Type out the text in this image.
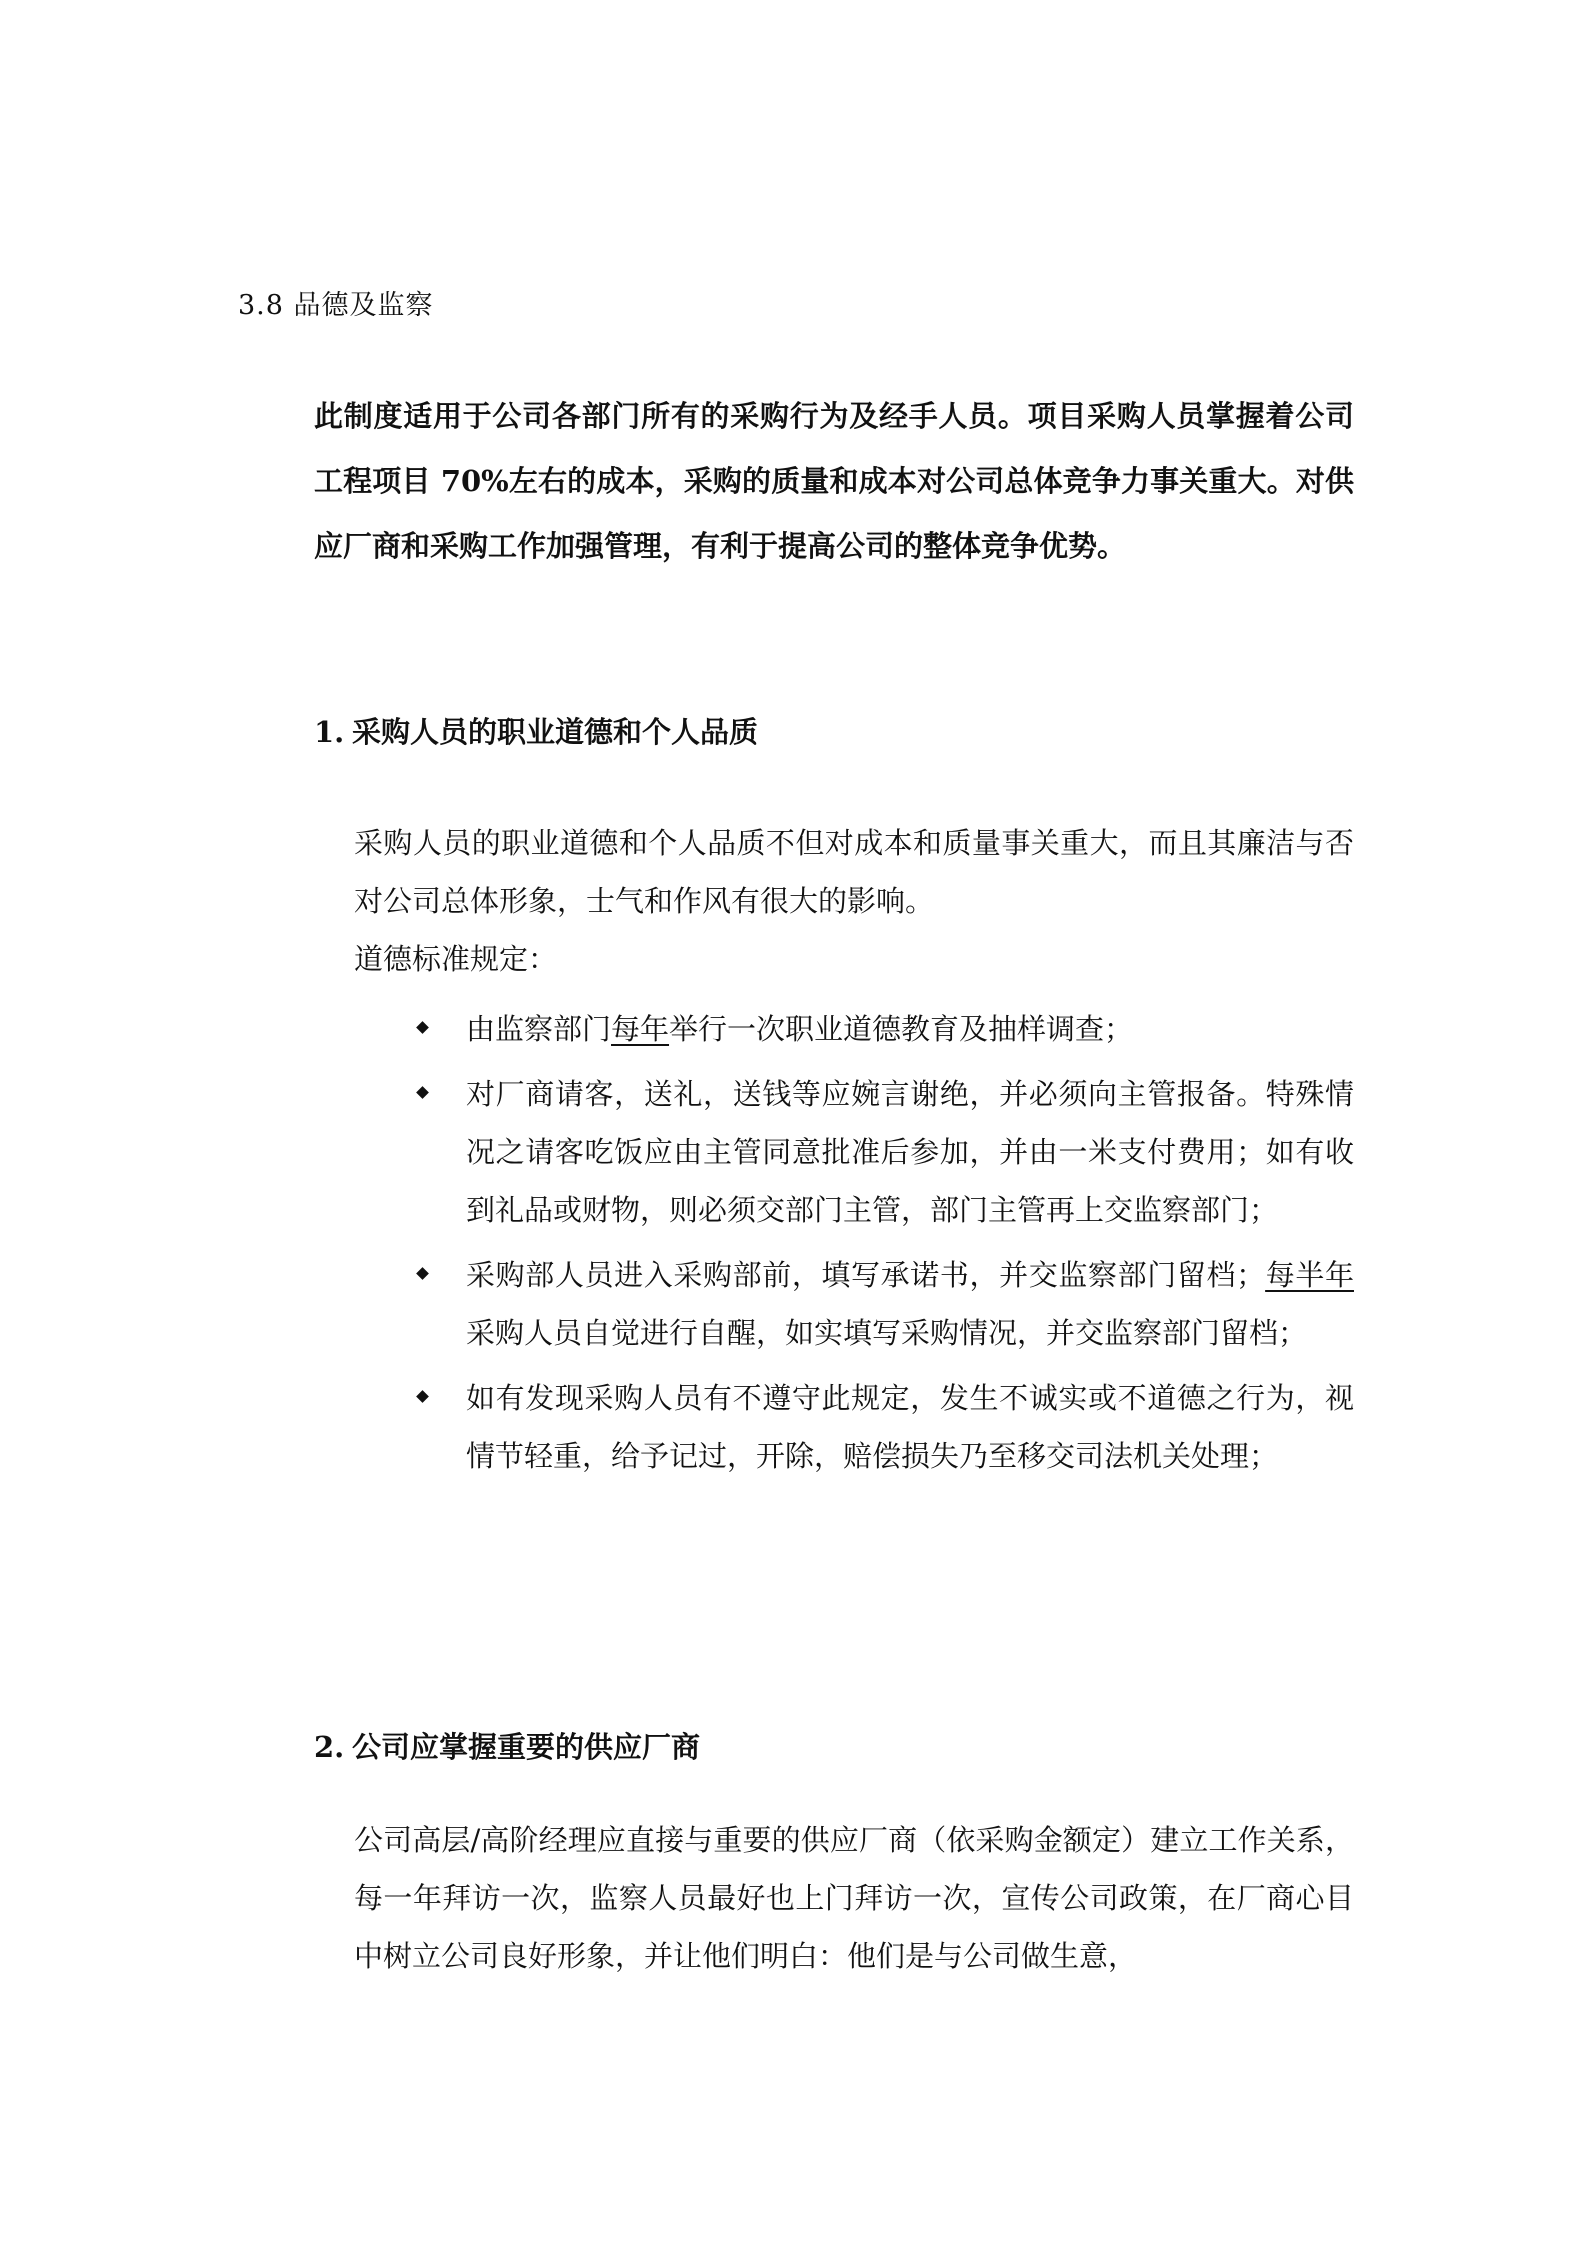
3.8 品德及监察
此制度适用于公司各部门所有的采购行为及经手人员。项目采购人员掌握着公司工程项目 70%左右的成本，采购的质量和成本对公司总体竞争力事关重大。对供应厂商和采购工作加强管理，有利于提高公司的整体竞争优势。
1. 采购人员的职业道德和个人品质
采购人员的职业道德和个人品质不但对成本和质量事关重大，而且其廉洁与否对公司总体形象，士气和作风有很大的影响。
道德标准规定：
由监察部门每年举行一次职业道德教育及抽样调查；
对厂商请客，送礼，送钱等应婉言谢绝，并必须向主管报备。特殊情况之请客吃饭应由主管同意批准后参加，并由一米支付费用；如有收到礼品或财物，则必须交部门主管，部门主管再上交监察部门；
采购部人员进入采购部前，填写承诺书，并交监察部门留档；每半年采购人员自觉进行自醒，如实填写采购情况，并交监察部门留档；
如有发现采购人员有不遵守此规定，发生不诚实或不道德之行为，视情节轻重，给予记过，开除，赔偿损失乃至移交司法机关处理；
2. 公司应掌握重要的供应厂商
公司高层/高阶经理应直接与重要的供应厂商（依采购金额定）建立工作关系，每一年拜访一次，监察人员最好也上门拜访一次，宣传公司政策，在厂商心目中树立公司良好形象，并让他们明白：他们是与公司做生意，
